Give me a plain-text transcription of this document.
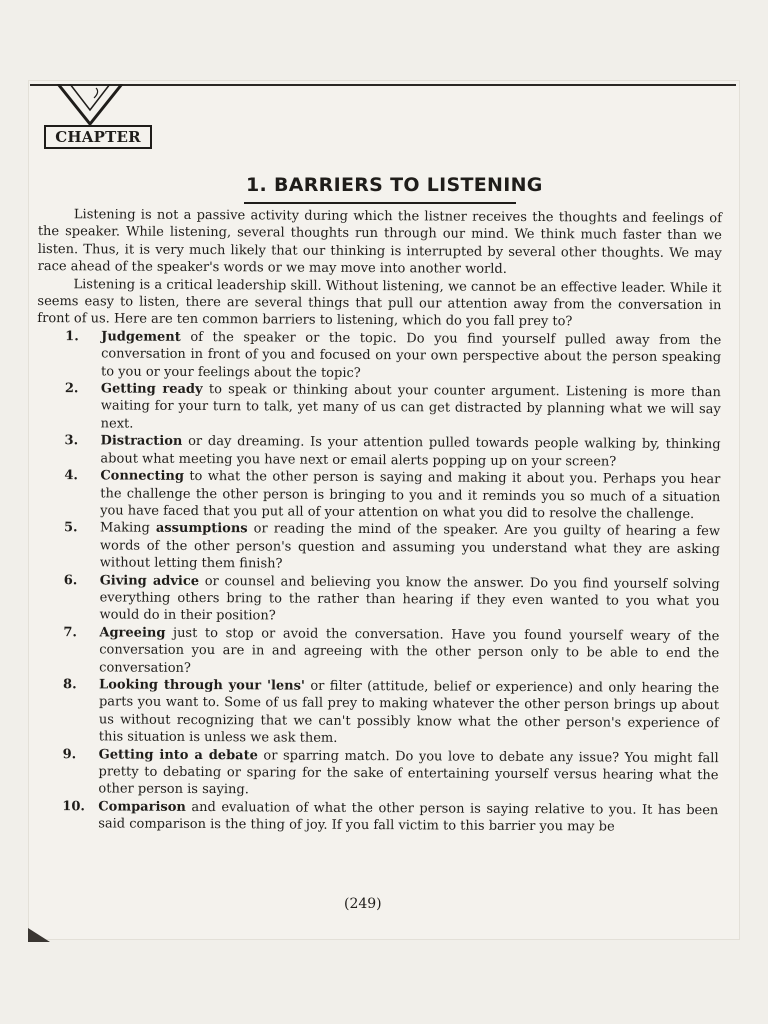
CHAPTER
1. BARRIERS TO LISTENING

Listening is not a passive activity during which the listner receives the thoughts and feelings of the speaker. While listening, several thoughts run through our mind. We think much faster than we listen. Thus, it is very much likely that our thinking is interrupted by several other thoughts. We may race ahead of the speaker's words or we may move into another world.

Listening is a critical leadership skill. Without listening, we cannot be an effective leader. While it seems easy to listen, there are several things that pull our attention away from the conversation in front of us. Here are ten common barriers to listening, which do you fall prey to?

1. Judgement of the speaker or the topic. Do you find yourself pulled away from the conversation in front of you and focused on your own perspective about the person speaking to you or your feelings about the topic?
2. Getting ready to speak or thinking about your counter argument. Listening is more than waiting for your turn to talk, yet many of us can get distracted by planning what we will say next.
3. Distraction or day dreaming. Is your attention pulled towards people walking by, thinking about what meeting you have next or email alerts popping up on your screen?
4. Connecting to what the other person is saying and making it about you. Perhaps you hear the challenge the other person is bringing to you and it reminds you so much of a situation you have faced that you put all of your attention on what you did to resolve the challenge.
5. Making assumptions or reading the mind of the speaker. Are you guilty of hearing a few words of the other person's question and assuming you understand what they are asking without letting them finish?
6. Giving advice or counsel and believing you know the answer. Do you find yourself solving everything others bring to the rather than hearing if they even wanted to you what you would do in their position?
7. Agreeing just to stop or avoid the conversation. Have you found yourself weary of the conversation you are in and agreeing with the other person only to be able to end the conversation?
8. Looking through your 'lens' or filter (attitude, belief or experience) and only hearing the parts you want to. Some of us fall prey to making whatever the other person brings up about us without recognizing that we can't possibly know what the other person's experience of this situation is unless we ask them.
9. Getting into a debate or sparring match. Do you love to debate any issue? You might fall pretty to debating or sparing for the sake of entertaining yourself versus hearing what the other person is saying.
10. Comparison and evaluation of what the other person is saying relative to you. It has been said comparison is the thing of joy. If you fall victim to this barrier you may be
(249)
